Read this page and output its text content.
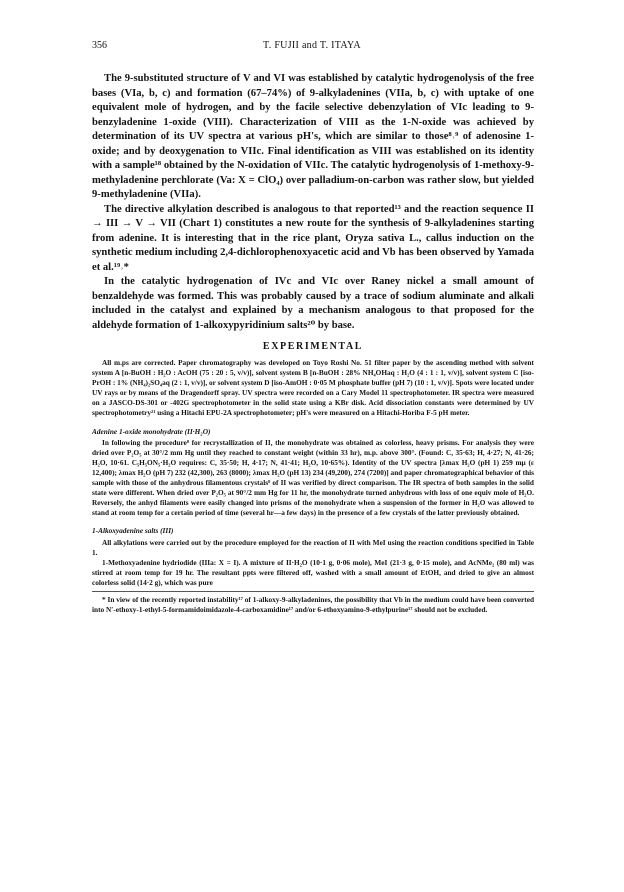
356	T. FUJII and T. ITAYA

The 9-substituted structure of V and VI was established by catalytic hydrogenolysis of the free bases (VIa, b, c) and formation (67–74%) of 9-alkyladenines (VIIa, b, c) with uptake of one equivalent mole of hydrogen, and by the facile selective debenzylation of VIc leading to 9-benzyladenine 1-oxide (VIII). Characterization of VIII as the 1-N-oxide was achieved by determination of its UV spectra at various pH's, which are similar to those⁸˒⁹ of adenosine 1-oxide; and by deoxygenation to VIIc. Final identification as VIII was established on its identity with a sample¹⁸ obtained by the N-oxidation of VIIc. The catalytic hydrogenolysis of 1-methoxy-9-methyladenine perchlorate (Va: X = ClO₄) over palladium-on-carbon was rather slow, but yielded 9-methyladenine (VIIa).

The directive alkylation described is analogous to that reported¹³ and the reaction sequence II → III → V → VII (Chart 1) constitutes a new route for the synthesis of 9-alkyladenines starting from adenine. It is interesting that in the rice plant, Oryza sativa L., callus induction on the synthetic medium including 2,4-dichlorophenoxyacetic acid and Vb has been observed by Yamada et al.¹⁹˒*

In the catalytic hydrogenation of IVc and VIc over Raney nickel a small amount of benzaldehyde was formed. This was probably caused by a trace of sodium aluminate and alkali included in the catalyst and explained by a mechanism analogous to that proposed for the aldehyde formation of 1-alkoxypyridinium salts²⁰ by base.

EXPERIMENTAL

All m.ps are corrected. Paper chromatography was developed on Toyo Roshi No. 51 filter paper by the ascending method with solvent system A [n-BuOH : H₂O : AcOH (75 : 20 : 5, v/v)], solvent system B [n-BuOH : 28% NH₄OHaq : H₂O (4 : 1 : 1, v/v)], solvent system C [iso-PrOH : 1% (NH₄)₂SO₄aq (2 : 1, v/v)], or solvent system D [iso-AmOH : 0·05 M phosphate buffer (pH 7) (10 : 1, v/v)]. Spots were located under UV rays or by means of the Dragendorff spray. UV spectra were recorded on a Cary Model 11 spectrophotometer. IR spectra were measured on a JASCO-DS-301 or -402G spectrophotometer in the solid state using a KBr disk. Acid dissociation constants were determined by UV spectrophotometry²¹ using a Hitachi EPU-2A spectrophotometer; pH's were measured on a Hitachi-Horiba F-5 pH meter.

Adenine 1-oxide monohydrate (II·H₂O)

In following the procedure⁸ for recrystallization of II, the monohydrate was obtained as colorless, heavy prisms. For analysis they were dried over P₂O₅ at 30°/2 mm Hg until they reached to constant weight (within 33 hr), m.p. above 300°. (Found: C, 35·63; H, 4·27; N, 41·26; H₂O, 10·61. C₅H₅ON₅·H₂O requires: C, 35·50; H, 4·17; N, 41·41; H₂O, 10·65%). Identity of the UV spectra [λmax H₂O (pH 1) 259 mμ (ε 12,400); λmax H₂O (pH 7) 232 (42,300), 263 (8000); λmax H₂O (pH 13) 234 (49,200), 274 (7200)] and paper chromatographical behavior of this sample with those of the anhydrous filamentous crystals⁸ of II was verified by direct comparison. The IR spectra of both samples in the solid state were different. When dried over P₂O₅ at 90°/2 mm Hg for 11 hr, the monohydrate turned anhydrous with loss of one equiv mole of H₂O. Reversely, the anhyd filaments were easily changed into prisms of the monohydrate when a suspension of the former in H₂O was allowed to stand at room temp for a certain period of time (several hr—a few days) in the presence of a few crystals of the latter previously obtained.

1-Alkoxyadenine salts (III)

All alkylations were carried out by the procedure employed for the reaction of II with MeI using the reaction conditions specified in Table 1.

1-Methoxyadenine hydriodide (IIIa: X = I). A mixture of II·H₂O (10·1 g, 0·06 mole), MeI (21·3 g, 0·15 mole), and AcNMe₂ (80 ml) was stirred at room temp for 19 hr. The resultant ppts were filtered off, washed with a small amount of EtOH, and dried to give an almost colorless solid (14·2 g), which was pure

* In view of the recently reported instability¹⁷ of 1-alkoxy-9-alkyladenines, the possibility that Vb in the medium could have been converted into N′-ethoxy-1-ethyl-5-formamidoimidazole-4-carboxamidine¹⁷ and/or 6-ethoxyamino-9-ethylpurine¹⁷ should not be excluded.
